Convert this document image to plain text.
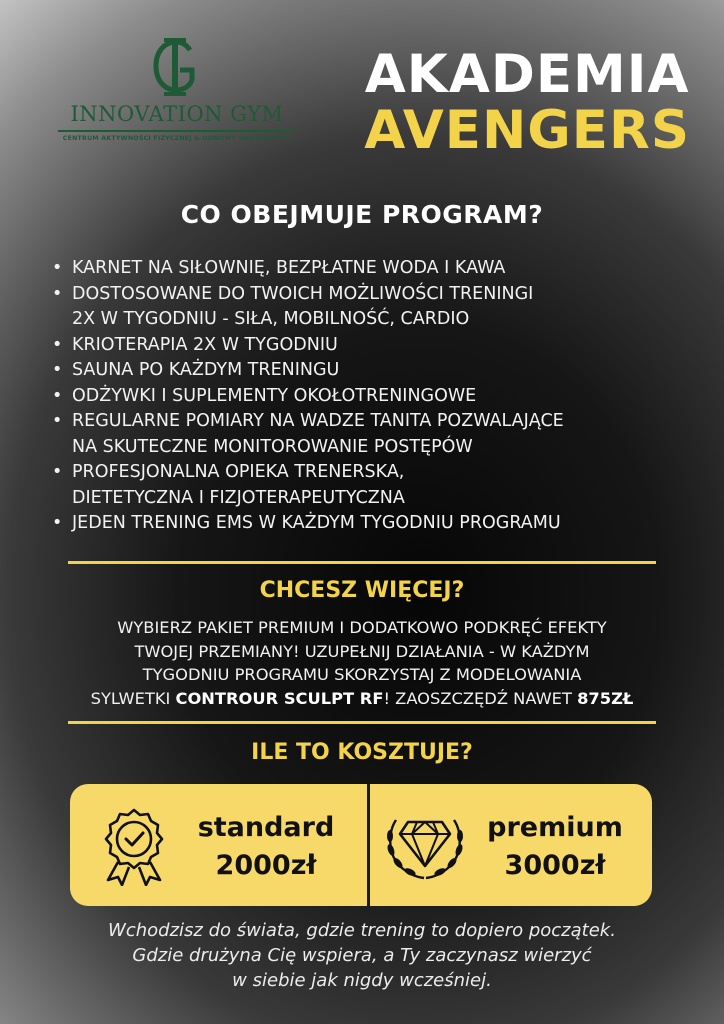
INNOVATION GYM
CENTRUM AKTYWNOŚCI FIZYCZNEJ & ODNOWY BIOLOGICZNEJ
AKADEMIA
AVENGERS
CO OBEJMUJE PROGRAM?
• KARNET NA SIŁOWNIĘ, BEZPŁATNE WODA I KAWA
• DOSTOSOWANE DO TWOICH MOŻLIWOŚCI TRENINGI
2X W TYGODNIU - SIŁA, MOBILNOŚĆ, CARDIO
• KRIOTERAPIA 2X W TYGODNIU
• SAUNA PO KAŻDYM TRENINGU
• ODŻYWKI I SUPLEMENTY OKOŁOTRENINGOWE
• REGULARNE POMIARY NA WADZE TANITA POZWALAJĄCE
NA SKUTECZNE MONITOROWANIE POSTĘPÓW
• PROFESJONALNA OPIEKA TRENERSKA,
DIETETYCZNA I FIZJOTERAPEUTYCZNA
• JEDEN TRENING EMS W KAŻDYM TYGODNIU PROGRAMU
CHCESZ WIĘCEJ?
WYBIERZ PAKIET PREMIUM I DODATKOWO PODKRĘĆ EFEKTY
TWOJEJ PRZEMIANY! UZUPEŁNIJ DZIAŁANIA - W KAŻDYM
TYGODNIU PROGRAMU SKORZYSTAJ Z MODELOWANIA
SYLWETKI CONTROUR SCULPT RF! ZAOSZCZĘDŹ NAWET 875ZŁ
ILE TO KOSZTUJE?
standard
2000zł
premium
3000zł
Wchodzisz do świata, gdzie trening to dopiero początek.
Gdzie drużyna Cię wspiera, a Ty zaczynasz wierzyć
w siebie jak nigdy wcześniej.
